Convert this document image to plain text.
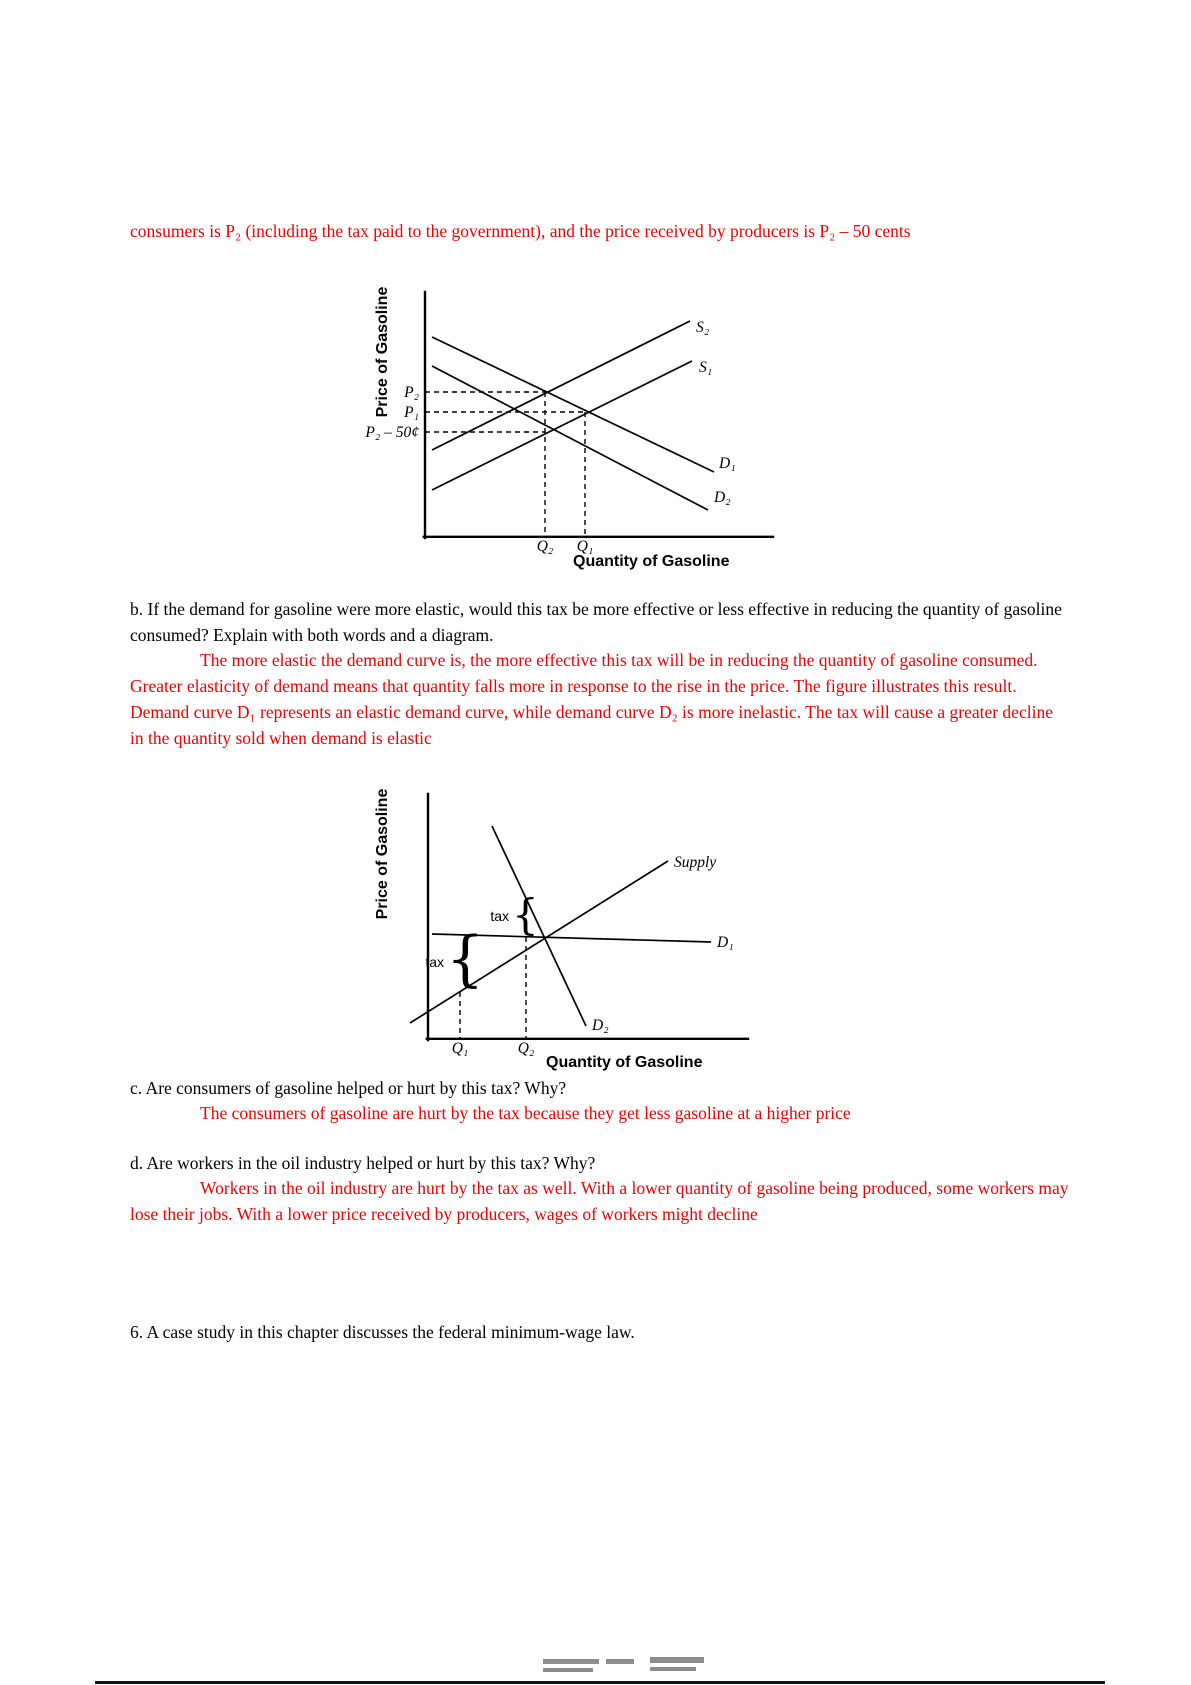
consumers is P₂ (including the tax paid to the government), and the price received by producers is P₂ – 50 cents
Price of Gasoline P₂
P₁
P₂ – 50¢
S₂
S₁
D₁
D₂
Q₂ Q₁
Quantity of Gasoline
b. If the demand for gasoline were more elastic, would this tax be more effective or less effective in reducing the quantity of gasoline consumed? Explain with both words and a diagram.
The more elastic the demand curve is, the more effective this tax will be in reducing the quantity of gasoline consumed. Greater elasticity of demand means that quantity falls more in response to the rise in the price. The figure illustrates this result. Demand curve D₁ represents an elastic demand curve, while demand curve D₂ is more inelastic. The tax will cause a greater decline in the quantity sold when demand is elastic
{
{
Price of Gasoline	Supply
D₁
D₂
tax
tax
Q₁	Q₂
Quantity of Gasoline
c. Are consumers of gasoline helped or hurt by this tax? Why?
The consumers of gasoline are hurt by the tax because they get less gasoline at a higher price
d. Are workers in the oil industry helped or hurt by this tax? Why?
Workers in the oil industry are hurt by the tax as well. With a lower quantity of gasoline being produced, some workers may lose their jobs. With a lower price received by producers, wages of workers might decline
6. A case study in this chapter discusses the federal minimum-wage law.
